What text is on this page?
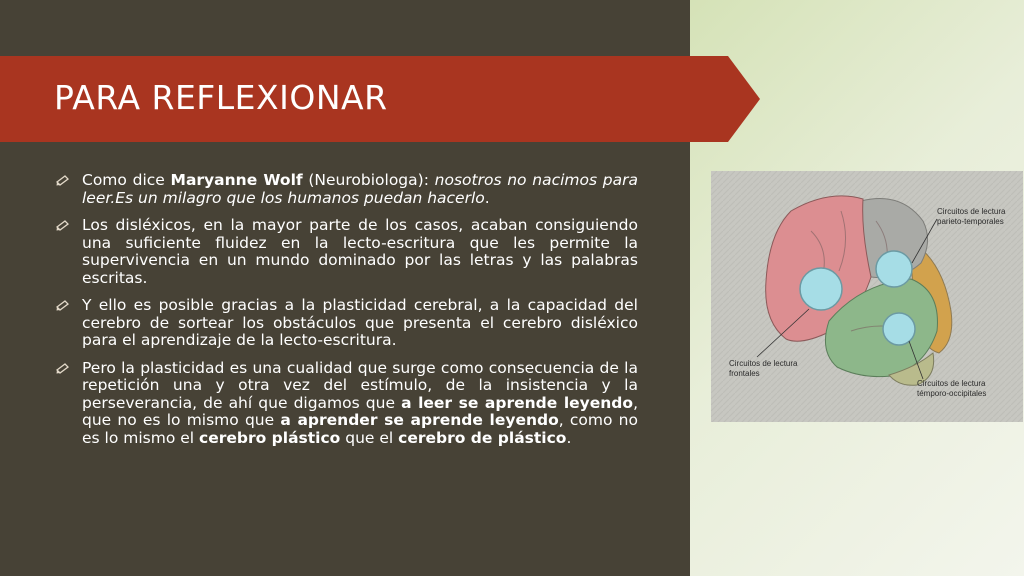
PARA REFLEXIONAR
Como dice Maryanne Wolf (Neurobiologa): nosotros no nacimos para leer.Es un milagro que los humanos puedan hacerlo.
Los disléxicos, en la mayor parte de los casos, acaban consiguiendo una suficiente fluidez en la lecto-escritura que les permite la supervivencia en un mundo dominado por las letras y las palabras escritas.
Y ello es posible gracias a la plasticidad cerebral, a la capacidad del cerebro de sortear los obstáculos que presenta el cerebro disléxico para el aprendizaje de la lecto-escritura.
Pero la plasticidad es una cualidad que surge como consecuencia de la repetición una y otra vez del estímulo, de la insistencia y la perseverancia, de ahí que digamos que a leer se aprende leyendo, que no es lo mismo que a aprender se aprende leyendo, como no es lo mismo el cerebro plástico que el cerebro de plástico.
Circuitos de lectura
parieto-temporales
Circuitos de lectura
frontales
Circuitos de lectura
témporo-occipitales
